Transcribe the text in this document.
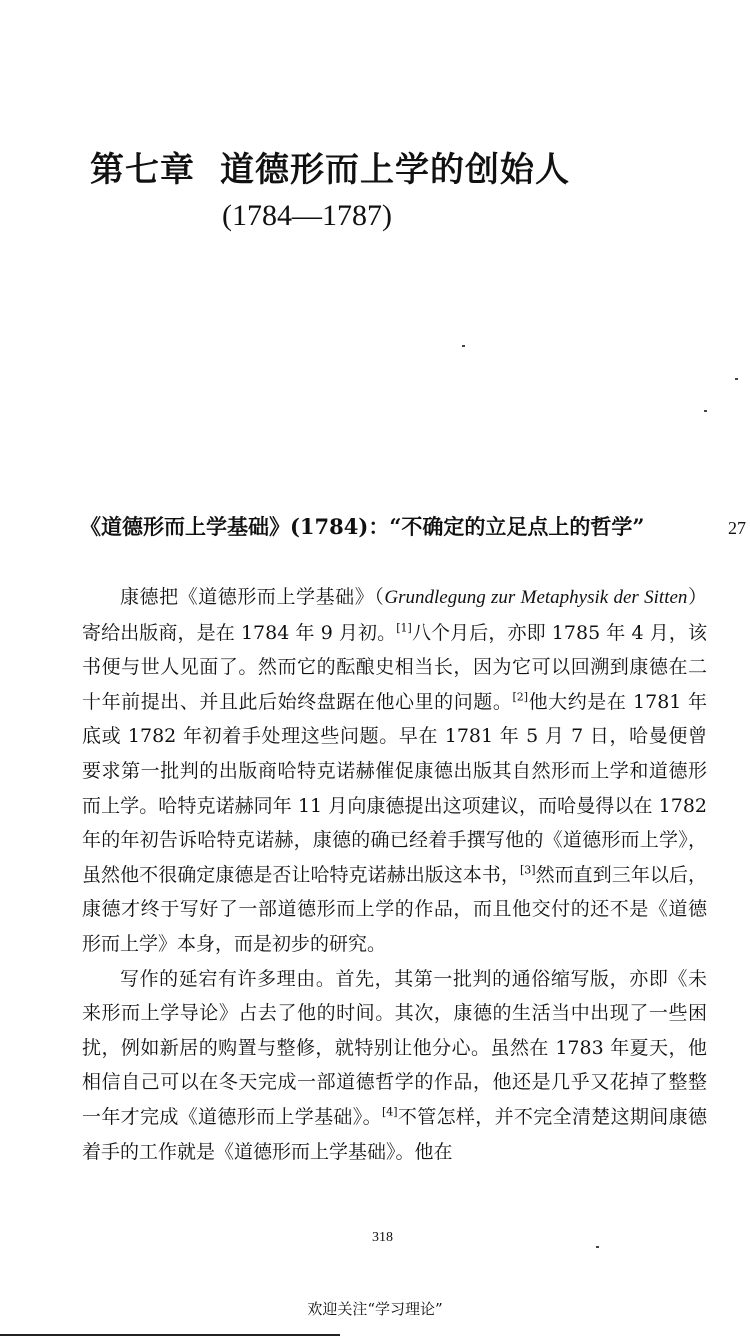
第七章 道德形而上学的创始人
(1784—1787)
《道德形而上学基础》(1784)：“不确定的立足点上的哲学”	27

康德把《道德形而上学基础》（Grundlegung zur Metaphysik der Sitten）寄给出版商，是在 1784 年 9 月初。[1]八个月后，亦即 1785 年 4 月，该书便与世人见面了。然而它的酝酿史相当长，因为它可以回溯到康德在二十年前提出、并且此后始终盘踞在他心里的问题。[2]他大约是在 1781 年底或 1782 年初着手处理这些问题。早在 1781 年 5 月 7 日，哈曼便曾要求第一批判的出版商哈特克诺赫催促康德出版其自然形而上学和道德形而上学。哈特克诺赫同年 11 月向康德提出这项建议，而哈曼得以在 1782 年的年初告诉哈特克诺赫，康德的确已经着手撰写他的《道德形而上学》，虽然他不很确定康德是否让哈特克诺赫出版这本书，[3]然而直到三年以后，康德才终于写好了一部道德形而上学的作品，而且他交付的还不是《道德形而上学》本身，而是初步的研究。

写作的延宕有许多理由。首先，其第一批判的通俗缩写版，亦即《未来形而上学导论》占去了他的时间。其次，康德的生活当中出现了一些困扰，例如新居的购置与整修，就特别让他分心。虽然在 1783 年夏天，他相信自己可以在冬天完成一部道德哲学的作品，他还是几乎又花掉了整整一年才完成《道德形而上学基础》。[4]不管怎样，并不完全清楚这期间康德着手的工作就是《道德形而上学基础》。他在

318
欢迎关注“学习理论”
